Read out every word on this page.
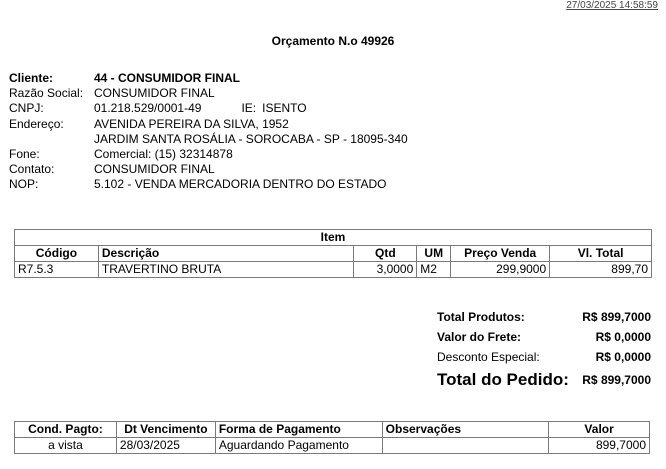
27/03/2025 14:58:59
Orçamento N.o 49926
Cliente:	44 - CONSUMIDOR FINAL
Razão Social: CONSUMIDOR FINAL
CNPJ:	01.218.529/0001-49	IE: ISENTO
Endereço:	AVENIDA PEREIRA DA SILVA, 1952
JARDIM SANTA ROSÁLIA - SOROCABA - SP - 18095-340
Fone:	Comercial: (15) 32314878
Contato:	CONSUMIDOR FINAL
NOP:	5.102 - VENDA MERCADORIA DENTRO DO ESTADO
Item					
Código	Descrição	Qtd	UM	Preço Venda	Vl. Total
R7.5.3	TRAVERTINO BRUTA	3,0000	M2	299,9000	899,70
Total Produtos:	R$ 899,7000
Valor do Frete:	R$ 0,0000
Desconto Especial:	R$ 0,0000
Total do Pedido: R$ 899,7000
Cond. Pagto:	Dt Vencimento	Forma de Pagamento	Observações	Valor
a vista	28/03/2025	Aguardando Pagamento		899,7000
